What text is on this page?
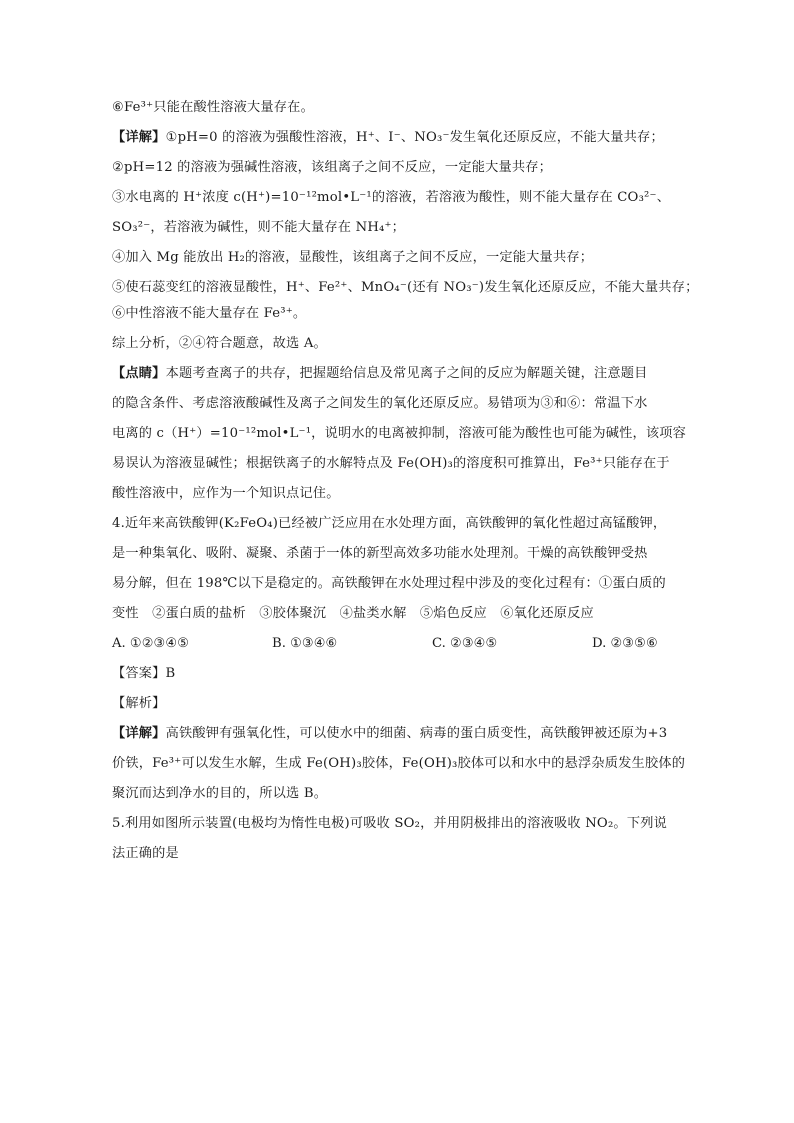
⑥Fe³⁺只能在酸性溶液大量存在。
【详解】①pH=0 的溶液为强酸性溶液，H⁺、I⁻、NO₃⁻发生氧化还原反应，不能大量共存；
②pH=12 的溶液为强碱性溶液，该组离子之间不反应，一定能大量共存；
③水电离的 H⁺浓度 c(H⁺)=10⁻¹²mol•L⁻¹的溶液，若溶液为酸性，则不能大量存在 CO₃²⁻、
SO₃²⁻，若溶液为碱性，则不能大量存在 NH₄⁺；
④加入 Mg 能放出 H₂的溶液，显酸性，该组离子之间不反应，一定能大量共存；
⑤使石蕊变红的溶液显酸性，H⁺、Fe²⁺、MnO₄⁻(还有 NO₃⁻)发生氧化还原反应，不能大量共存；
⑥中性溶液不能大量存在 Fe³⁺。
综上分析，②④符合题意，故选 A。
【点睛】本题考查离子的共存，把握题给信息及常见离子之间的反应为解题关键，注意题目
的隐含条件、考虑溶液酸碱性及离子之间发生的氧化还原反应。易错项为③和⑥：常温下水
电离的 c（H⁺）=10⁻¹²mol•L⁻¹，说明水的电离被抑制，溶液可能为酸性也可能为碱性，该项容
易误认为溶液显碱性；根据铁离子的水解特点及 Fe(OH)₃的溶度积可推算出，Fe³⁺只能存在于
酸性溶液中，应作为一个知识点记住。
4.近年来高铁酸钾(K₂FeO₄)已经被广泛应用在水处理方面，高铁酸钾的氧化性超过高锰酸钾，
是一种集氧化、吸附、凝聚、杀菌于一体的新型高效多功能水处理剂。干燥的高铁酸钾受热
易分解，但在 198℃以下是稳定的。高铁酸钾在水处理过程中涉及的变化过程有：①蛋白质的
变性　②蛋白质的盐析　③胶体聚沉　④盐类水解　⑤焰色反应　⑥氧化还原反应
A. ①②③④⑤	B. ①③④⑥	C. ②③④⑤	D. ②③⑤⑥
【答案】B
【解析】
【详解】高铁酸钾有强氧化性，可以使水中的细菌、病毒的蛋白质变性，高铁酸钾被还原为+3
价铁，Fe³⁺可以发生水解，生成 Fe(OH)₃胶体，Fe(OH)₃胶体可以和水中的悬浮杂质发生胶体的
聚沉而达到净水的目的，所以选 B。
5.利用如图所示装置(电极均为惰性电极)可吸收 SO₂，并用阴极排出的溶液吸收 NO₂。下列说
法正确的是
